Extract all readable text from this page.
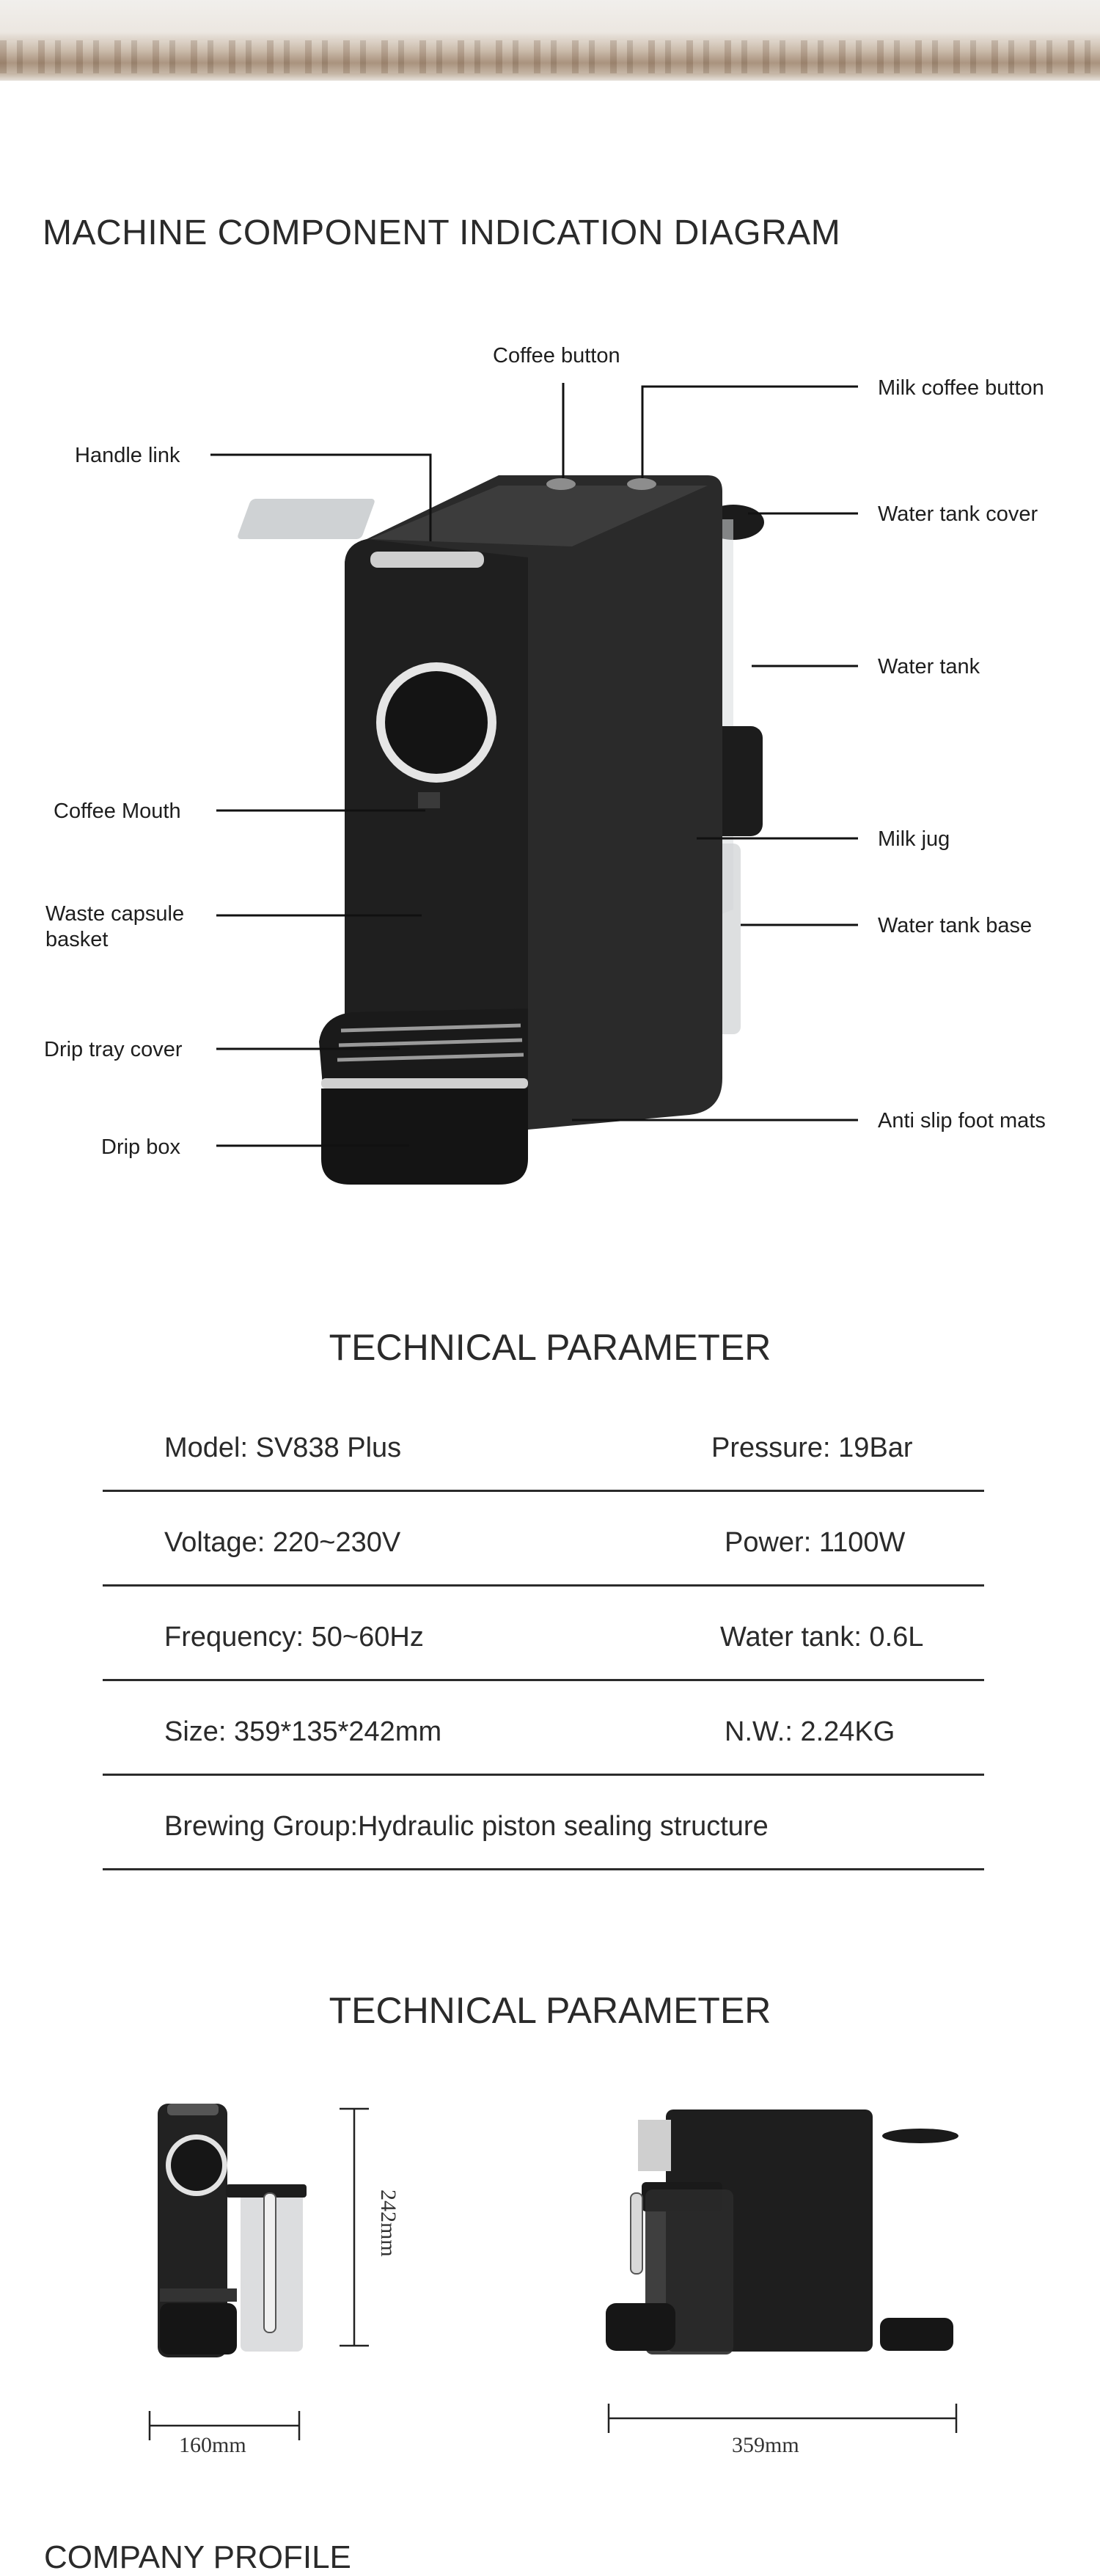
MACHINE COMPONENT INDICATION DIAGRAM
Coffee button
Milk coffee button
Handle link
Water tank cover
Water tank
Coffee Mouth
Milk jug
Waste capsule
basket
Water tank base
Drip tray cover
Anti slip foot mats
Drip box
TECHNICAL PARAMETER
Model: SV838 Plus	Pressure: 19Bar
Voltage: 220~230V	Power: 1100W
Frequency: 50~60Hz	Water tank: 0.6L
Size: 359*135*242mm	N.W.: 2.24KG
Brewing Group:Hydraulic piston sealing structure
TECHNICAL PARAMETER
242mm
160mm	359mm
COMPANY PROFILE
